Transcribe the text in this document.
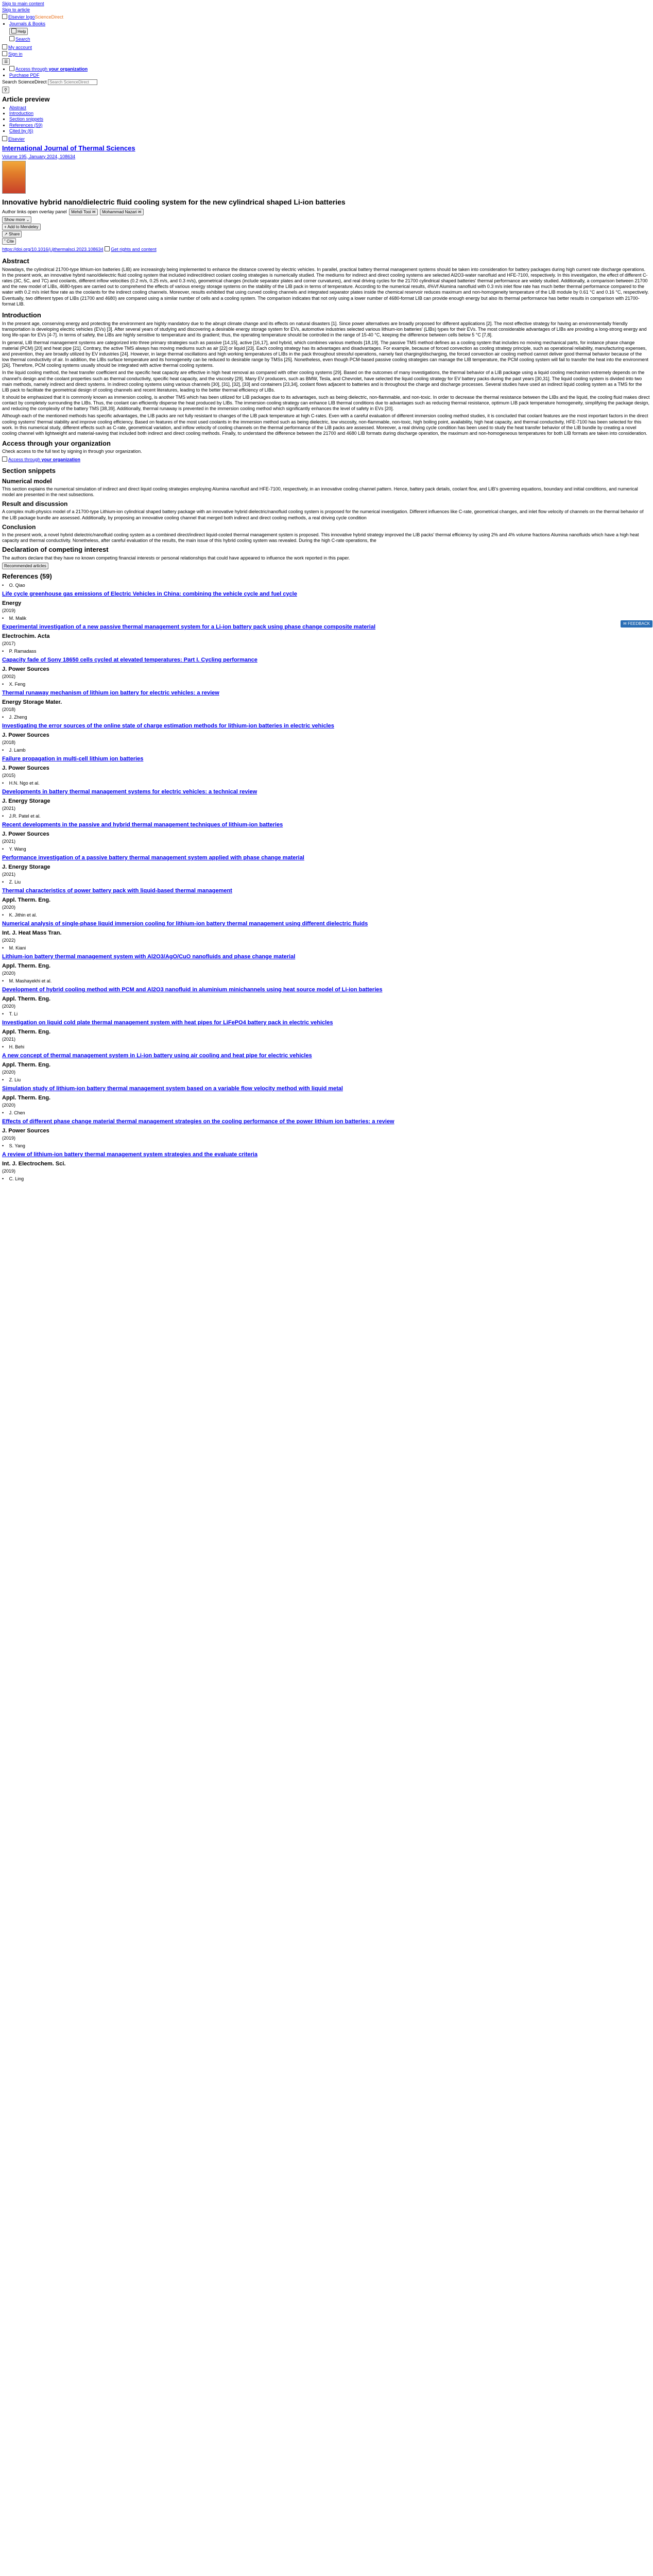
Skip to main content
Skip to article
Elsevier logoScienceDirect
• Journals & Books
Help
Search
My account
Sign in
☰
• Access through your organization
• Purchase PDF
Search ScienceDirect Search ScienceDirect
⚲
Article preview
• Abstract
• Introduction
• Section snippets
• References (59)
• Cited by (6)
Elsevier
International Journal of Thermal Sciences
Volume 195, January 2024, 108634
Innovative hybrid nano/dielectric fluid cooling system for the new cylindrical shaped Li-ion batteries
Author links open overlay panel Mehdi Tooi ✉ Mohammad Nazari ✉
Show more ⌄
+ Add to Mendeley
↗ Share
” Cite
https://doi.org/10.1016/j.ijthermalsci.2023.108634 Get rights and content
Abstract

Nowadays, the cylindrical 21700-type lithium-ion batteries (LIB) are increasingly being implemented to enhance the distance covered by electric vehicles. In parallel, practical battery thermal management systems should be taken into consideration for battery packages during high current rate discharge operations. In the present work, an innovative hybrid nano/dielectric fluid cooling system that included indirect/direct coolant cooling strategies is numerically studied. The mediums for indirect and direct cooling systems are selected Al2O3-water nanofluid and HFE-7100, respectively. In this investigation, the effect of different C-rates (3C, 5C, and 7C) and coolants, different inflow velocities (0.2 m/s, 0.25 m/s, and 0.3 m/s), geometrical changes (include separator plates and corner curvatures), and real driving cycles for the 21700 cylindrical shaped batteries' thermal performance are widely studied. Additionally, a comparison between 21700 and the new model of LIBs, 4680-types are carried out to comprehend the effects of various energy storage systems on the stability of the LIB pack in terms of temperature. According to the numerical results, 4%Vf Alumina nanofluid with 0.3 m/s inlet flow rate has much better thermal performance compared to the water with 0.2 m/s inlet flow rate as the coolants for the indirect cooling channels. Moreover, results exhibited that using curved cooling channels and integrated separator plates inside the chemical reservoir reduces maximum and non-homogeneity temperature of the LIB module by 0.61 °C and 0.16 °C, respectively. Eventually, two different types of LIBs (21700 and 4680) are compared using a similar number of cells and a cooling system. The comparison indicates that not only using a lower number of 4680-format LIB can provide enough energy but also its thermal performance has better results in comparison with 21700-format LIB.

Introduction

In the present age, conserving energy and protecting the environment are highly mandatory due to the abrupt climate change and its effects on natural disasters [1]. Since power alternatives are broadly proposed for different applications [2]. The most effective strategy for having an environmentally friendly transportation is developing electric vehicles (EVs) [3]. After several years of studying and discovering a desirable energy storage system for EVs, automotive industries selected various lithium-ion batteries' (LIBs) types for their EVs. The most considerable advantages of LIBs are providing a long-strong energy and long life-span for EVs [4-7]. In terms of safety, the LIBs are highly sensitive to temperature and its gradient; thus, the operating temperature should be controlled in the range of 15-40 °C, keeping the difference between cells below 5 °C [7,8].

In general, LIB thermal management systems are categorized into three primary strategies such as passive [14,15], active [16,17], and hybrid, which combines various methods [18,19]. The passive TMS method defines as a cooling system that includes no moving mechanical parts, for instance phase change material (PCM) [20] and heat pipe [21]. Contrary, the active TMS always has moving mediums such as air [22] or liquid [23]. Each cooling strategy has its advantages and disadvantages. For example, because of forced convection as cooling strategy principle, such as operational reliability, manufacturing expenses, and prevention, they are broadly utilized by EV industries [24]. However, in large thermal oscillations and high working temperatures of LIBs in the pack throughout stressful operations, namely fast charging/discharging, the forced convection air cooling method cannot deliver good thermal behavior because of the low thermal conductivity of air. In addition, the LIBs surface temperature and its homogeneity can be reduced to desirable range by TMSs [25]. Nonetheless, even though PCM-based passive cooling strategies can manage the LIB temperature, the PCM cooling system will fail to transfer the heat into the environment [26]. Therefore, PCM cooling systems usually should be integrated with active thermal cooling systems.

In the liquid cooling method, the heat transfer coefficient and the specific heat capacity are effective in high heat removal as compared with other cooling systems [29]. Based on the outcomes of many investigations, the thermal behavior of a LIB package using a liquid cooling mechanism extremely depends on the channel's design and the coolant properties such as thermal conductivity, specific heat capacity, and the viscosity [29]. Many EV producers, such as BMW, Tesla, and Chevrolet, have selected the liquid cooling strategy for EV battery packs during the past years [30,31]. The liquid cooling system is divided into two main methods, namely indirect and direct systems. In indirect cooling systems using various channels [30], [31], [32], [33] and containers [23,34], coolant flows adjacent to batteries and is throughout the charge and discharge processes. Several studies have used an indirect liquid cooling system as a TMS for the LIB pack to facilitate the geometrical design of cooling channels and recent literatures, leading to the better thermal efficiency of LIBs.

It should be emphasized that it is commonly known as immersion cooling, is another TMS which has been utilized for LIB packages due to its advantages, such as being dielectric, non-flammable, and non-toxic. In order to decrease the thermal resistance between the LIBs and the liquid, the cooling fluid makes direct contact by completely surrounding the LIBs. Thus, the coolant can efficiently disperse the heat produced by LIBs. The immersion cooling strategy can enhance LIB thermal conditions due to advantages such as reducing thermal resistance, optimum LIB pack temperature homogeneity, simplifying the package design, and reducing the complexity of the battery TMS [38,39]. Additionally, thermal runaway is prevented in the immersion cooling method which significantly enhances the level of safety in EVs [20].

Although each of the mentioned methods has specific advantages, the LIB packs are not fully resistant to changes of the LIB pack temperature at high C-rates. Even with a careful evaluation of different immersion cooling method studies, it is concluded that coolant features are the most important factors in the direct cooling systems' thermal stability and improve cooling efficiency. Based on features of the most used coolants in the immersion method such as being dielectric, low viscosity, non-flammable, non-toxic, high boiling point, availability, high heat capacity, and thermal conductivity, HFE-7100 has been selected for this work. In this numerical study, different effects such as C-rate, geometrical variation, and inflow velocity of cooling channels on the thermal performance of the LIB packs are assessed. Moreover, a real driving cycle condition has been used to study the heat transfer behavior of the LIB bundle by creating a novel cooling channel with lightweight and material-saving that included both indirect and direct cooling methods. Finally, to understand the difference between the 21700 and 4680 LIB formats during discharge operation, the maximum and non-homogeneous temperatures for both LIB formats are taken into consideration.

Access through your organization

Check access to the full text by signing in through your organization.

Access through your organization
Section snippets
Numerical model

This section explains the numerical simulation of indirect and direct liquid cooling strategies employing Alumina nanofluid and HFE-7100, respectively, in an innovative cooling channel pattern. Hence, battery pack details, coolant flow, and LIB's governing equations, boundary and initial conditions, and numerical model are presented in the next subsections.

Result and discussion

A complex multi-physics model of a 21700-type Lithium-ion cylindrical shaped battery package with an innovative hybrid dielectric/nanofluid cooling system is proposed for the numerical investigation. Different influences like C-rate, geometrical changes, and inlet flow velocity of channels on the thermal behavior of the LIB package bundle are assessed. Additionally, by proposing an innovative cooling channel that merged both indirect and direct cooling methods, a real driving cycle condition

Conclusion

In the present work, a novel hybrid dielectric/nanofluid cooling system as a combined direct/indirect liquid-cooled thermal management system is proposed. This innovative hybrid strategy improved the LIB packs' thermal efficiency by using 2% and 4% volume fractions Alumina nanofluids which have a high heat capacity and thermal conductivity. Nonetheless, after careful evaluation of the results, the main issue of this hybrid cooling system was revealed. During the high C-rate operations, the

Declaration of competing interest

The authors declare that they have no known competing financial interests or personal relationships that could have appeared to influence the work reported in this paper.

Recommended articles
References (59)
• O. Qiao

Life cycle greenhouse gas emissions of Electric Vehicles in China: combining the vehicle cycle and fuel cycle
Energy
(2019)
• M. Malik

Experimental investigation of a new passive thermal management system for a Li-ion battery pack using phase change composite material
Electrochim. Acta
(2017)
• P. Ramadass

Capacity fade of Sony 18650 cells cycled at elevated temperatures: Part I. Cycling performance
J. Power Sources
(2002)
• X. Feng

Thermal runaway mechanism of lithium ion battery for electric vehicles: a review
Energy Storage Mater.
(2018)
• J. Zheng

Investigating the error sources of the online state of charge estimation methods for lithium-ion batteries in electric vehicles
J. Power Sources
(2018)
• J. Lamb

Failure propagation in multi-cell lithium ion batteries
J. Power Sources
(2015)
• H.N. Ngo et al.

Developments in battery thermal management systems for electric vehicles: a technical review
J. Energy Storage
(2021)
• J.R. Patel et al.

Recent developments in the passive and hybrid thermal management techniques of lithium-ion batteries
J. Power Sources
(2021)
• Y. Wang

Performance investigation of a passive battery thermal management system applied with phase change material
J. Energy Storage
(2021)
• Z. Liu

Thermal characteristics of power battery pack with liquid-based thermal management
Appl. Therm. Eng.
(2020)
• K. Jithin et al.

Numerical analysis of single-phase liquid immersion cooling for lithium-ion battery thermal management using different dielectric fluids
Int. J. Heat Mass Tran.
(2022)
• M. Kiani

Lithium-ion battery thermal management system with Al2O3/AgO/CuO nanofluids and phase change material
Appl. Therm. Eng.
(2020)
• M. Mashayekhi et al.

Development of hybrid cooling method with PCM and Al2O3 nanofluid in aluminium minichannels using heat source model of Li-ion batteries
Appl. Therm. Eng.
(2020)
• T. Li

Investigation on liquid cold plate thermal management system with heat pipes for LiFePO4 battery pack in electric vehicles
Appl. Therm. Eng.
(2021)
• H. Behi

A new concept of thermal management system in Li-ion battery using air cooling and heat pipe for electric vehicles
Appl. Therm. Eng.
(2020)
• Z. Liu

Simulation study of lithium-ion battery thermal management system based on a variable flow velocity method with liquid metal
Appl. Therm. Eng.
(2020)
• J. Chen

Effects of different phase change material thermal management strategies on the cooling performance of the power lithium ion batteries: a review
J. Power Sources
(2019)
• S. Yang

A review of lithium-ion battery thermal management system strategies and the evaluate criteria
Int. J. Electrochem. Sci.
(2019)
• C. Ling

✉ FEEDBACK
